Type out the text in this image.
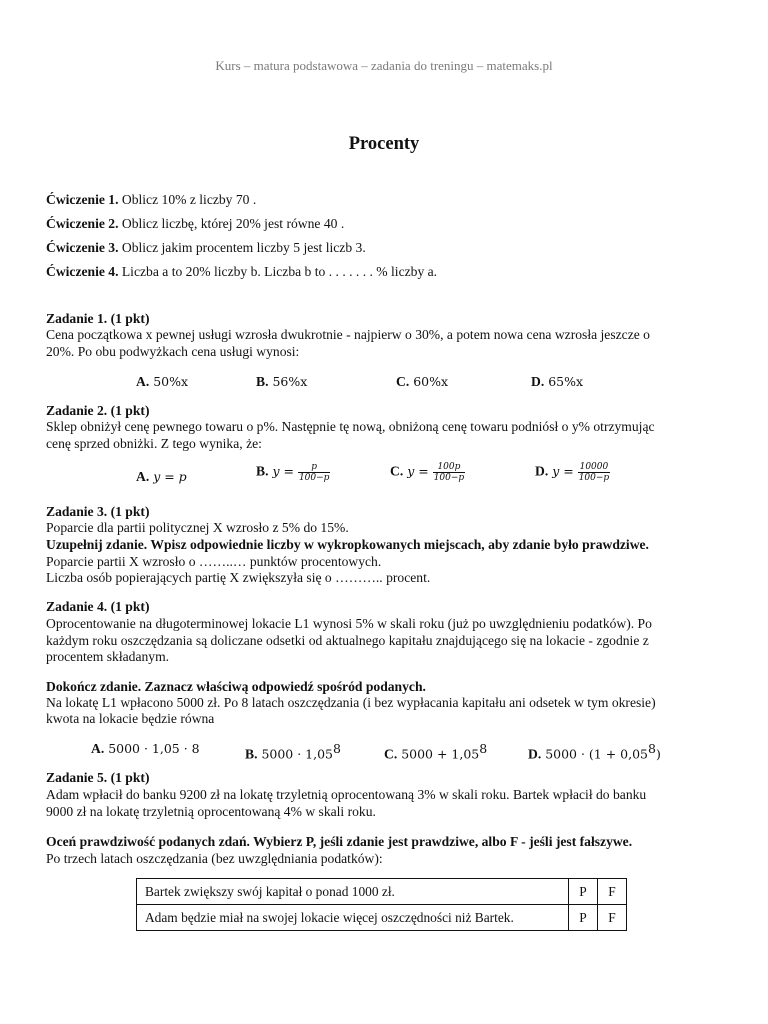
Kurs – matura podstawowa – zadania do treningu – matemaks.pl
Procenty
Ćwiczenie 1. Oblicz 10% z liczby 70 .
Ćwiczenie 2. Oblicz liczbę, której 20% jest równe 40 .
Ćwiczenie 3. Oblicz jakim procentem liczby 5 jest liczb 3.
Ćwiczenie 4. Liczba a to 20% liczby b. Liczba b to . . . . . . . % liczby a.
Zadanie 1. (1 pkt)
Cena początkowa x pewnej usługi wzrosła dwukrotnie - najpierw o 30%, a potem nowa cena wzrosła jeszcze o
20%. Po obu podwyżkach cena usługi wynosi:
A. 50%x	B. 56%x	C. 60%x	D. 65%x
Zadanie 2. (1 pkt)
Sklep obniżył cenę pewnego towaru o p%. Następnie tę nową, obniżoną cenę towaru podniósł o y% otrzymując
cenę sprzed obniżki. Z tego wynika, że:
A. y = p	B. $y = \frac{p}{100-p}$	C. $y = \frac{100p}{100-p}$	D. $y = \frac{10000}{100-p}$
Zadanie 3. (1 pkt)
Poparcie dla partii politycznej X wzrosło z 5% do 15%.
Uzupełnij zdanie. Wpisz odpowiednie liczby w wykropkowanych miejscach, aby zdanie było prawdziwe.
Poparcie partii X wzrosło o ……..… punktów procentowych.
Liczba osób popierających partię X zwiększyła się o ……….. procent.
Zadanie 4. (1 pkt)
Oprocentowanie na długoterminowej lokacie L1 wynosi 5% w skali roku (już po uwzględnieniu podatków). Po
każdym roku oszczędzania są doliczane odsetki od aktualnego kapitału znajdującego się na lokacie - zgodnie z
procentem składanym.
Dokończ zdanie. Zaznacz właściwą odpowiedź spośród podanych.
Na lokatę L1 wpłacono 5000 zł. Po 8 latach oszczędzania (i bez wypłacania kapitału ani odsetek w tym okresie)
kwota na lokacie będzie równa
A. 5000 · 1,05 · 8	B. $5000 \cdot 1,05^8$	C. $5000 + 1,05^8$	D. $5000 \cdot (1 + 0,05^8)$
Zadanie 5. (1 pkt)
Adam wpłacił do banku 9200 zł na lokatę trzyletnią oprocentowaną 3% w skali roku. Bartek wpłacił do banku
9000 zł na lokatę trzyletnią oprocentowaną 4% w skali roku.
Oceń prawdziwość podanych zdań. Wybierz P, jeśli zdanie jest prawdziwe, albo F - jeśli jest fałszywe.
Po trzech latach oszczędzania (bez uwzględniania podatków):
Bartek zwiększy swój kapitał o ponad 1000 zł.	P	F
Adam będzie miał na swojej lokacie więcej oszczędności niż Bartek.	P	F
